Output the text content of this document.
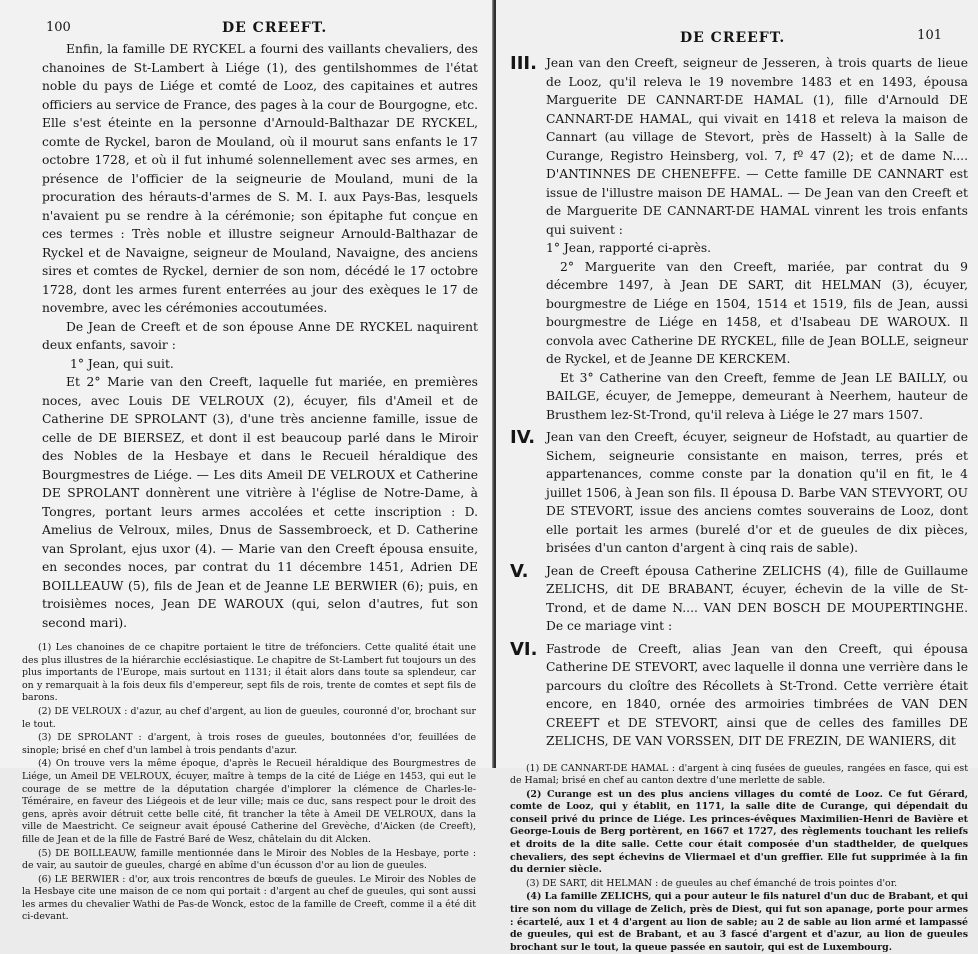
100	DE CREEFT.

Enfin, la famille DE RYCKEL a fourni des vaillants chevaliers, des chanoines de St-Lambert à Liége (1), des gentilshommes de l'état noble du pays de Liége et comté de Looz, des capitaines et autres officiers au service de France, des pages à la cour de Bourgogne, etc. Elle s'est éteinte en la personne d'Arnould-Balthazar DE RYCKEL, comte de Ryckel, baron de Mouland, où il mourut sans enfants le 17 octobre 1728, et où il fut inhumé solennellement avec ses armes, en présence de l'officier de la seigneurie de Mouland, muni de la procuration des hérauts-d'armes de S. M. I. aux Pays-Bas, lesquels n'avaient pu se rendre à la cérémonie; son épitaphe fut conçue en ces termes : Très noble et illustre seigneur Arnould-Balthazar de Ryckel et de Navaigne, seigneur de Mouland, Navaigne, des anciens sires et comtes de Ryckel, dernier de son nom, décédé le 17 octobre 1728, dont les armes furent enterrées au jour des exèques le 17 de novembre, avec les cérémonies accoutumées.

De Jean de Creeft et de son épouse Anne DE RYCKEL naquirent deux enfants, savoir :

1° Jean, qui suit.

Et 2° Marie van den Creeft, laquelle fut mariée, en premières noces, avec Louis DE VELROUX (2), écuyer, fils d'Ameil et de Catherine DE SPROLANT (3), d'une très ancienne famille, issue de celle de DE BIERSEZ, et dont il est beaucoup parlé dans le Miroir des Nobles de la Hesbaye et dans le Recueil héraldique des Bourgmestres de Liége. — Les dits Ameil DE VELROUX et Catherine DE SPROLANT donnèrent une vitrière à l'église de Notre-Dame, à Tongres, portant leurs armes accolées et cette inscription : D. Amelius de Velroux, miles, Dnus de Sassembroeck, et D. Catherine van Sprolant, ejus uxor (4). — Marie van den Creeft épousa ensuite, en secondes noces, par contrat du 11 décembre 1451, Adrien DE BOILLEAUW (5), fils de Jean et de Jeanne LE BERWIER (6); puis, en troisièmes noces, Jean DE WAROUX (qui, selon d'autres, fut son second mari).

(1) Les chanoines de ce chapitre portaient le titre de tréfonciers. Cette qualité était une des plus illustres de la hiérarchie ecclésiastique. Le chapitre de St-Lambert fut toujours un des plus importants de l'Europe, mais surtout en 1131; il était alors dans toute sa splendeur, car on y remarquait à la fois deux fils d'empereur, sept fils de rois, trente de comtes et sept fils de barons.

(2) DE VELROUX : d'azur, au chef d'argent, au lion de gueules, couronné d'or, brochant sur le tout.

(3) DE SPROLANT : d'argent, à trois roses de gueules, boutonnées d'or, feuillées de sinople; brisé en chef d'un lambel à trois pendants d'azur.

(4) On trouve vers la même époque, d'après le Recueil héraldique des Bourgmestres de Liége, un Ameil DE VELROUX, écuyer, maître à temps de la cité de Liége en 1453, qui eut le courage de se mettre de la députation chargée d'implorer la clémence de Charles-le-Téméraire, en faveur des Liégeois et de leur ville; mais ce duc, sans respect pour le droit des gens, après avoir détruit cette belle cité, fit trancher la tête à Ameil DE VELROUX, dans la ville de Maestricht. Ce seigneur avait épousé Catherine del Grevèche, d'Aicken (de Creeft), fille de Jean et de la fille de Fastré Baré de Wesz, châtelain du dit Alcken.

(5) DE BOILLEAUW, famille mentionnée dans le Miroir des Nobles de la Hesbaye, porte : de vair, au sautoir de gueules, chargé en abîme d'un écusson d'or au lion de gueules.

(6) LE BERWIER : d'or, aux trois rencontres de bœufs de gueules. Le Miroir des Nobles de la Hesbaye cite une maison de ce nom qui portait : d'argent au chef de gueules, qui sont aussi les armes du chevalier Wathi de Pas-de Wonck, estoc de la famille de Creeft, comme il a été dit ci-devant.

DE CREEFT.	101
III. Jean van den Creeft, seigneur de Jesseren, à trois quarts de lieue de Looz, qu'il releva le 19 novembre 1483 et en 1493, épousa Marguerite DE CANNART-DE HAMAL (1), fille d'Arnould DE CANNART-DE HAMAL, qui vivait en 1418 et releva la maison de Cannart (au village de Stevort, près de Hasselt) à la Salle de Curange, Registro Heinsberg, vol. 7, fº 47 (2); et de dame N.... D'ANTINNES DE CHENEFFE. — Cette famille DE CANNART est issue de l'illustre maison DE HAMAL. — De Jean van den Creeft et de Marguerite DE CANNART-DE HAMAL vinrent les trois enfants qui suivent :

1° Jean, rapporté ci-après.

2° Marguerite van den Creeft, mariée, par contrat du 9 décembre 1497, à Jean DE SART, dit HELMAN (3), écuyer, bourgmestre de Liége en 1504, 1514 et 1519, fils de Jean, aussi bourgmestre de Liége en 1458, et d'Isabeau DE WAROUX. Il convola avec Catherine DE RYCKEL, fille de Jean BOLLE, seigneur de Ryckel, et de Jeanne DE KERCKEM.

Et 3° Catherine van den Creeft, femme de Jean LE BAILLY, ou BAILGE, écuyer, de Jemeppe, demeurant à Neerhem, hauteur de Brusthem lez-St-Trond, qu'il releva à Liége le 27 mars 1507.

IV. Jean van den Creeft, écuyer, seigneur de Hofstadt, au quartier de Sichem, seigneurie consistante en maison, terres, prés et appartenances, comme conste par la donation qu'il en fit, le 4 juillet 1506, à Jean son fils. Il épousa D. Barbe VAN STEVYORT, OU DE STEVORT, issue des anciens comtes souverains de Looz, dont elle portait les armes (burelé d'or et de gueules de dix pièces, brisées d'un canton d'argent à cinq rais de sable).

V.	Jean de Creeft épousa Catherine ZELICHS (4), fille de Guillaume ZELICHS, dit DE BRABANT, écuyer, échevin de la ville de St-Trond, et de dame N.... VAN DEN BOSCH DE MOUPERTINGHE. De ce mariage vint :

VI. Fastrode de Creeft, alias Jean van den Creeft, qui épousa Catherine DE STEVORT, avec laquelle il donna une verrière dans le parcours du cloître des Récollets à St-Trond. Cette verrière était encore, en 1840, ornée des armoiries timbrées de VAN DEN CREEFT et DE STEVORT, ainsi que de celles des familles DE ZELICHS, DE VAN VORSSEN, DIT DE FREZIN, DE WANIERS, dit

(1) DE CANNART-DE HAMAL : d'argent à cinq fusées de gueules, rangées en fasce, qui est de Hamal; brisé en chef au canton dextre d'une merlette de sable.

(2) Curange est un des plus anciens villages du comté de Looz. Ce fut Gérard, comte de Looz, qui y établit, en 1171, la salle dite de Curange, qui dépendait du conseil privé du prince de Liége. Les princes-évêques Maximilien-Henri de Bavière et George-Louis de Berg portèrent, en 1667 et 1727, des règlements touchant les reliefs et droits de la dite salle. Cette cour était composée d'un stadthelder, de quelques chevaliers, des sept échevins de Vliermael et d'un greffier. Elle fut supprimée à la fin du dernier siècle.

(3) DE SART, dit HELMAN : de gueules au chef émanché de trois pointes d'or.

(4) La famille ZELICHS, qui a pour auteur le fils naturel d'un duc de Brabant, et qui tire son nom du village de Zelich, près de Diest, qui fut son apanage, porte pour armes : écartelé, aux 1 et 4 d'argent au lion de sable; au 2 de sable au lion armé et lampassé de gueules, qui est de Brabant, et au 3 fascé d'argent et d'azur, au lion de gueules brochant sur le tout, la queue passée en sautoir, qui est de Luxembourg.
